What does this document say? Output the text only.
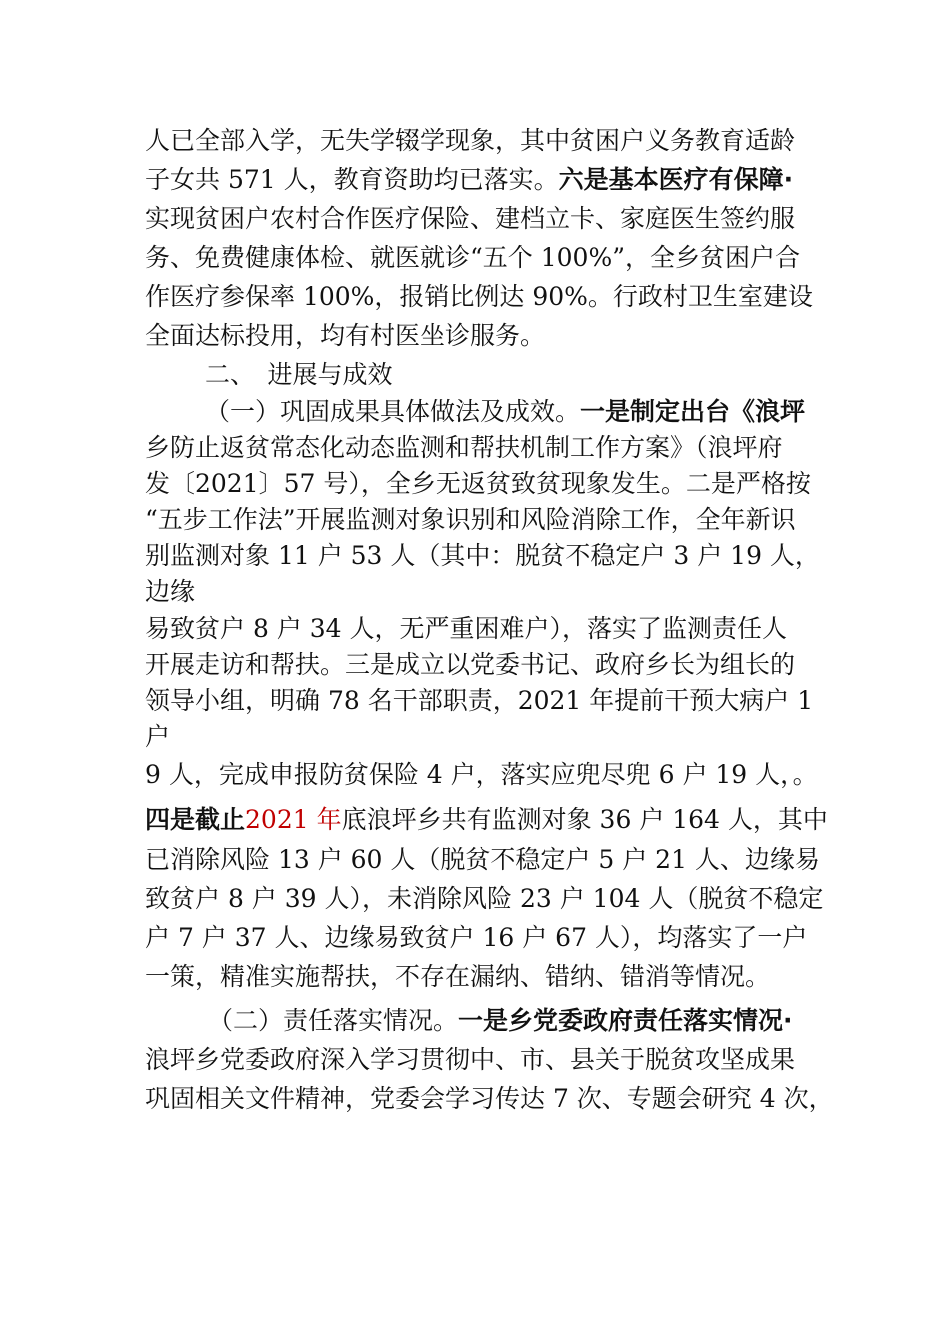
人已全部入学，无失学辍学现象，其中贫困户义务教育适龄
子女共 571 人，教育资助均已落实。六是基本医疗有保障·
实现贫困户农村合作医疗保险、建档立卡、家庭医生签约服
务、免费健康体检、就医就诊“五个 100%”，全乡贫困户合
作医疗参保率 100%，报销比例达 90%。行政村卫生室建设
全面达标投用，均有村医坐诊服务。
二、　进展与成效
（一）巩固成果具体做法及成效。一是制定出台《浪坪
乡防止返贫常态化动态监测和帮扶机制工作方案》（浪坪府
发〔2021〕57 号），全乡无返贫致贫现象发生。二是严格按
“五步工作法”开展监测对象识别和风险消除工作，全年新识
别监测对象 11 户 53 人（其中：脱贫不稳定户 3 户 19 人，
边缘
易致贫户 8 户 34 人，无严重困难户），落实了监测责任人
开展走访和帮扶。三是成立以党委书记、政府乡长为组长的
领导小组，明确 78 名干部职责，2021 年提前干预大病户 1
户
9 人，完成申报防贫保险 4 户，落实应兜尽兜 6 户 19 人，。
四是截止2021 年底浪坪乡共有监测对象 36 户 164 人，其中
已消除风险 13 户 60 人（脱贫不稳定户 5 户 21 人、边缘易
致贫户 8 户 39 人），未消除风险 23 户 104 人（脱贫不稳定
户 7 户 37 人、边缘易致贫户 16 户 67 人），均落实了一户
一策，精准实施帮扶，不存在漏纳、错纳、错消等情况。
（二）责任落实情况。一是乡党委政府责任落实情况·
浪坪乡党委政府深入学习贯彻中、市、县关于脱贫攻坚成果
巩固相关文件精神，党委会学习传达 7 次、专题会研究 4 次，
